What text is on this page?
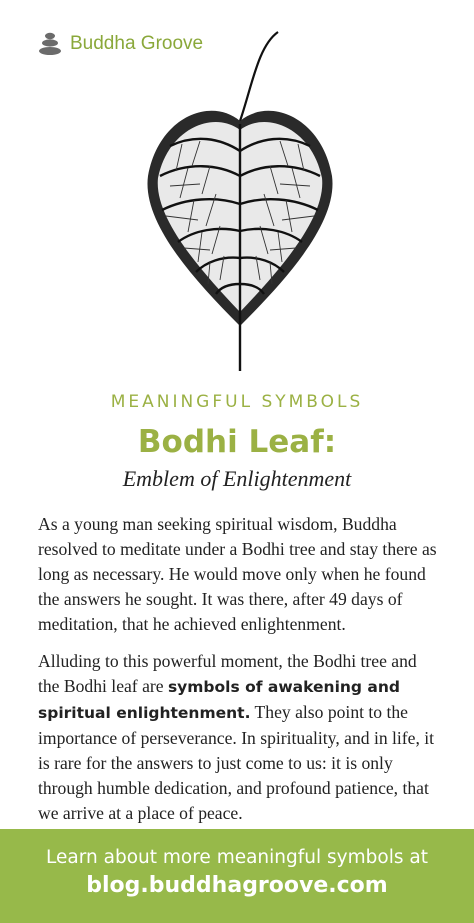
Buddha Groove
MEANINGFUL SYMBOLS
Bodhi Leaf:
Emblem of Enlightenment
As a young man seeking spiritual wisdom, Buddha resolved to meditate under a Bodhi tree and stay there as long as necessary. He would move only when he found the answers he sought. It was there, after 49 days of meditation, that he achieved enlightenment.
Alluding to this powerful moment, the Bodhi tree and the Bodhi leaf are symbols of awakening and spiritual enlightenment. They also point to the importance of perseverance. In spirituality, and in life, it is rare for the answers to just come to us: it is only through humble dedication, and profound patience, that we arrive at a place of peace.
Learn about more meaningful symbols at
blog.buddhagroove.com
